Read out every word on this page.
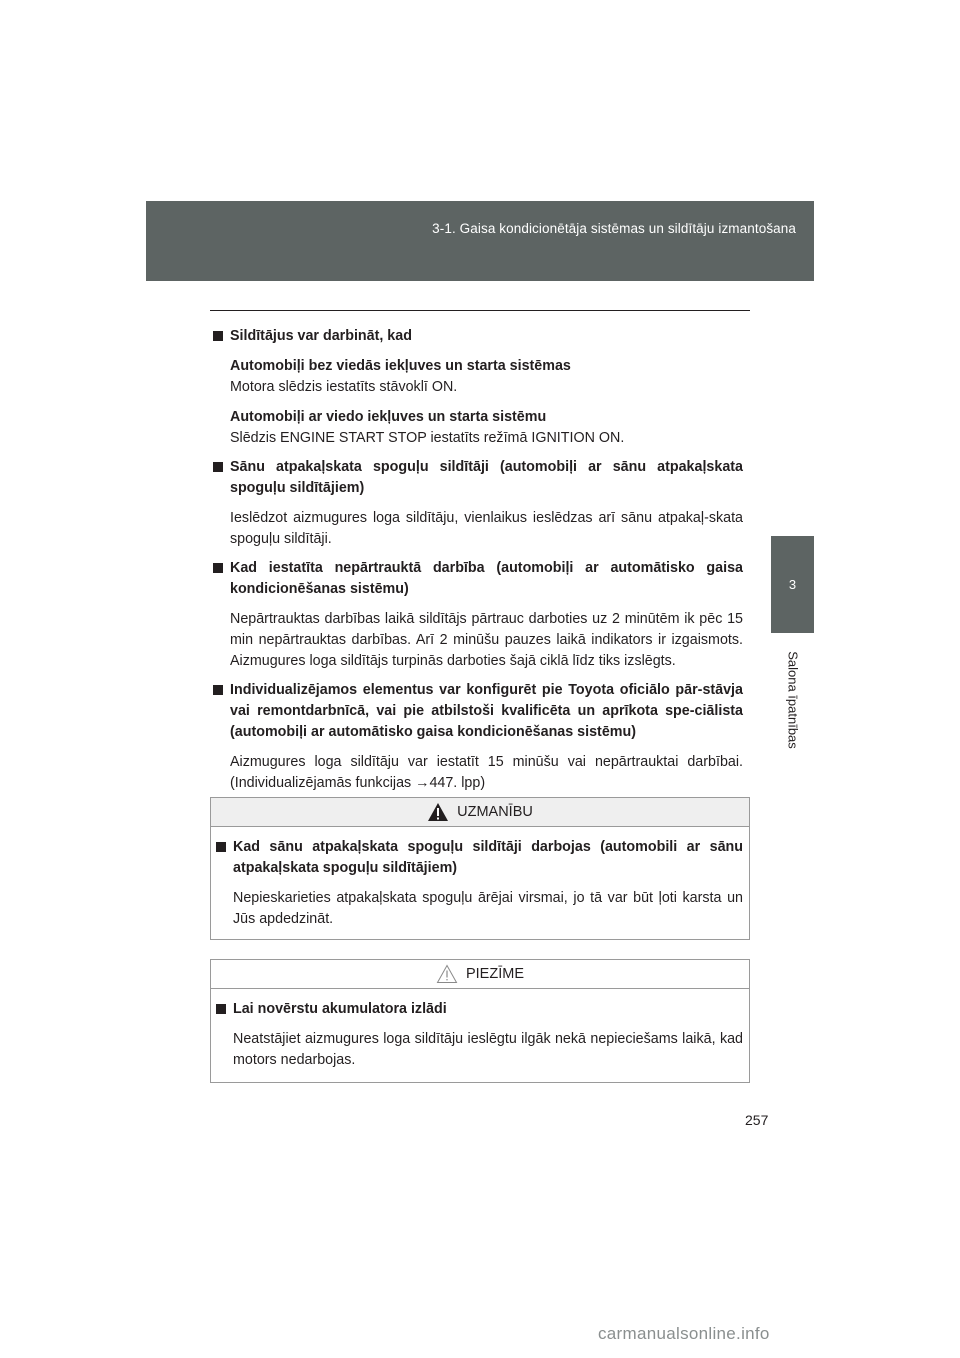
3-1. Gaisa kondicionētāja sistēmas un sildītāju izmantošana
3
Salona īpatnības

Sildītājus var darbināt, kad

Automobiļi bez viedās iekļuves un starta sistēmas

Motora slēdzis iestatīts stāvoklī ON.

Automobiļi ar viedo iekļuves un starta sistēmu

Slēdzis ENGINE START STOP iestatīts režīmā IGNITION ON.

Sānu atpakaļskata spoguļu sildītāji (automobiļi ar sānu atpakaļskata spoguļu sildītājiem)

Ieslēdzot aizmugures loga sildītāju, vienlaikus ieslēdzas arī sānu atpakaļ-skata spoguļu sildītāji.

Kad iestatīta nepārtrauktā darbība (automobiļi ar automātisko gaisa kondicionēšanas sistēmu)

Nepārtrauktas darbības laikā sildītājs pārtrauc darboties uz 2 minūtēm ik pēc 15 min nepārtrauktas darbības. Arī 2 minūšu pauzes laikā indikators ir izgaismots. Aizmugures loga sildītājs turpinās darboties šajā ciklā līdz tiks izslēgts.

Individualizējamos elementus var konfigurēt pie Toyota oficiālo pār-stāvja vai remontdarbnīcā, vai pie atbilstoši kvalificēta un aprīkota spe-ciālista (automobiļi ar automātisko gaisa kondicionēšanas sistēmu)

Aizmugures loga sildītāju var iestatīt 15 minūšu vai nepārtrauktai darbībai. (Individualizējamās funkcijas →447. lpp)

UZMANĪBU

Kad sānu atpakaļskata spoguļu sildītāji darbojas (automobili ar sānu atpakaļskata spoguļu sildītājiem)

Nepieskarieties atpakaļskata spoguļu ārējai virsmai, jo tā var būt ļoti karsta un Jūs apdedzināt.

PIEZĪME

Lai novērstu akumulatora izlādi

Neatstājiet aizmugures loga sildītāju ieslēgtu ilgāk nekā nepieciešams laikā, kad motors nedarbojas.

257
carmanualsonline.info
